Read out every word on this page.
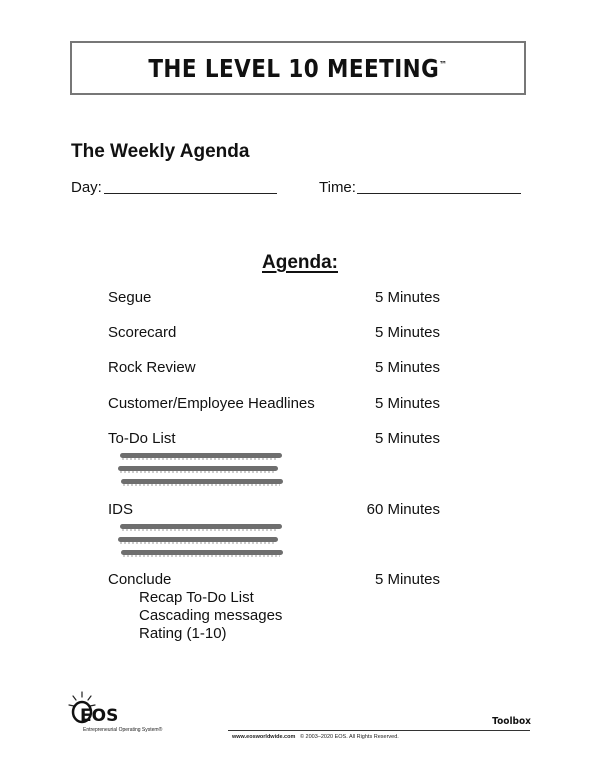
THE LEVEL 10 MEETING™
The Weekly Agenda
Day:	Time:
Agenda:
Segue	5 Minutes
Scorecard	5 Minutes
Rock Review	5 Minutes
Customer/Employee Headlines	5 Minutes
To-Do List	5 Minutes
IDS	60 Minutes
Conclude	5 Minutes
Recap To-Do List
Cascading messages
Rating (1-10)
EOS
Entrepreneurial Operating System®
Toolbox
www.eosworldwide.com © 2003–2020 EOS. All Rights Reserved.
